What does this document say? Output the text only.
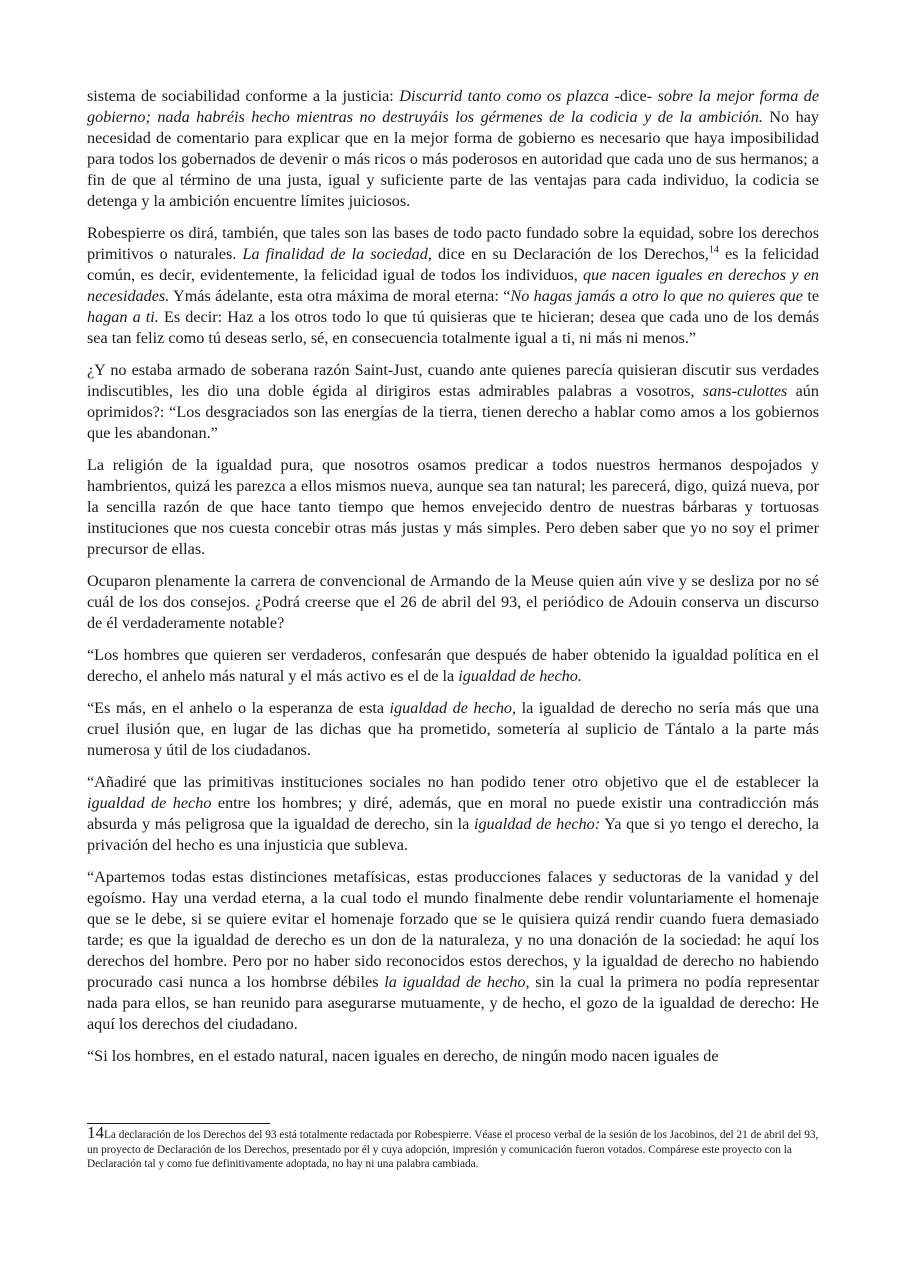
sistema de sociabilidad conforme a la justicia: Discurrid tanto como os plazca -dice- sobre la mejor forma de gobierno; nada habréis hecho mientras no destruyáis los gérmenes de la codicia y de la ambición. No hay necesidad de comentario para explicar que en la mejor forma de gobierno es necesario que haya imposibilidad para todos los gobernados de devenir o más ricos o más poderosos en autoridad que cada uno de sus hermanos; a fin de que al término de una justa, igual y suficiente parte de las ventajas para cada individuo, la codicia se detenga y la ambición encuentre límites juiciosos.

Robespierre os dirá, también, que tales son las bases de todo pacto fundado sobre la equidad, sobre los derechos primitivos o naturales. La finalidad de la sociedad, dice en su Declaración de los Derechos,$^{14}$ es la felicidad común, es decir, evidentemente, la felicidad igual de todos los individuos, que nacen iguales en derechos y en necesidades. Ymás ádelante, esta otra máxima de moral eterna: “No hagas jamás a otro lo que no quieres que te hagan a ti. Es decir: Haz a los otros todo lo que tú quisieras que te hicieran; desea que cada uno de los demás sea tan feliz como tú deseas serlo, sé, en consecuencia totalmente igual a ti, ni más ni menos.”

¿Y no estaba armado de soberana razón Saint-Just, cuando ante quienes parecía quisieran discutir sus verdades indiscutibles, les dio una doble égida al dirigiros estas admirables palabras a vosotros, sans-culottes aún oprimidos?: “Los desgraciados son las energías de la tierra, tienen derecho a hablar como amos a los gobiernos que les abandonan.”

La religión de la igualdad pura, que nosotros osamos predicar a todos nuestros hermanos despojados y hambrientos, quizá les parezca a ellos mismos nueva, aunque sea tan natural; les parecerá, digo, quizá nueva, por la sencilla razón de que hace tanto tiempo que hemos envejecido dentro de nuestras bárbaras y tortuosas instituciones que nos cuesta concebir otras más justas y más simples. Pero deben saber que yo no soy el primer precursor de ellas.

Ocuparon plenamente la carrera de convencional de Armando de la Meuse quien aún vive y se desliza por no sé cuál de los dos consejos. ¿Podrá creerse que el 26 de abril del 93, el periódico de Adouin conserva un discurso de él verdaderamente notable?

“Los hombres que quieren ser verdaderos, confesarán que después de haber obtenido la igualdad política en el derecho, el anhelo más natural y el más activo es el de la igualdad de hecho.

“Es más, en el anhelo o la esperanza de esta igualdad de hecho, la igualdad de derecho no sería más que una cruel ilusión que, en lugar de las dichas que ha prometido, sometería al suplicio de Tántalo a la parte más numerosa y útil de los ciudadanos.

“Añadiré que las primitivas instituciones sociales no han podido tener otro objetivo que el de establecer la igualdad de hecho entre los hombres; y diré, además, que en moral no puede existir una contradicción más absurda y más peligrosa que la igualdad de derecho, sin la igualdad de hecho: Ya que si yo tengo el derecho, la privación del hecho es una injusticia que subleva.

“Apartemos todas estas distinciones metafísicas, estas producciones falaces y seductoras de la vanidad y del egoísmo. Hay una verdad eterna, a la cual todo el mundo finalmente debe rendir voluntariamente el homenaje que se le debe, si se quiere evitar el homenaje forzado que se le quisiera quizá rendir cuando fuera demasiado tarde; es que la igualdad de derecho es un don de la naturaleza, y no una donación de la sociedad: he aquí los derechos del hombre. Pero por no haber sido reconocidos estos derechos, y la igualdad de derecho no habiendo procurado casi nunca a los hombrse débiles la igualdad de hecho, sin la cual la primera no podía representar nada para ellos, se han reunido para asegurarse mutuamente, y de hecho, el gozo de la igualdad de derecho: He aquí los derechos del ciudadano.

“Si los hombres, en el estado natural, nacen iguales en derecho, de ningún modo nacen iguales de

14La declaración de los Derechos del 93 está totalmente redactada por Robespierre. Véase el proceso verbal de la sesión de los Jacobinos, del 21 de abril del 93, un proyecto de Declaración de los Derechos, presentado por él y cuya adopción, impresión y comunicación fueron votados. Compárese este proyecto con la Declaración tal y como fue definitivamente adoptada, no hay ni una palabra cambiada.
